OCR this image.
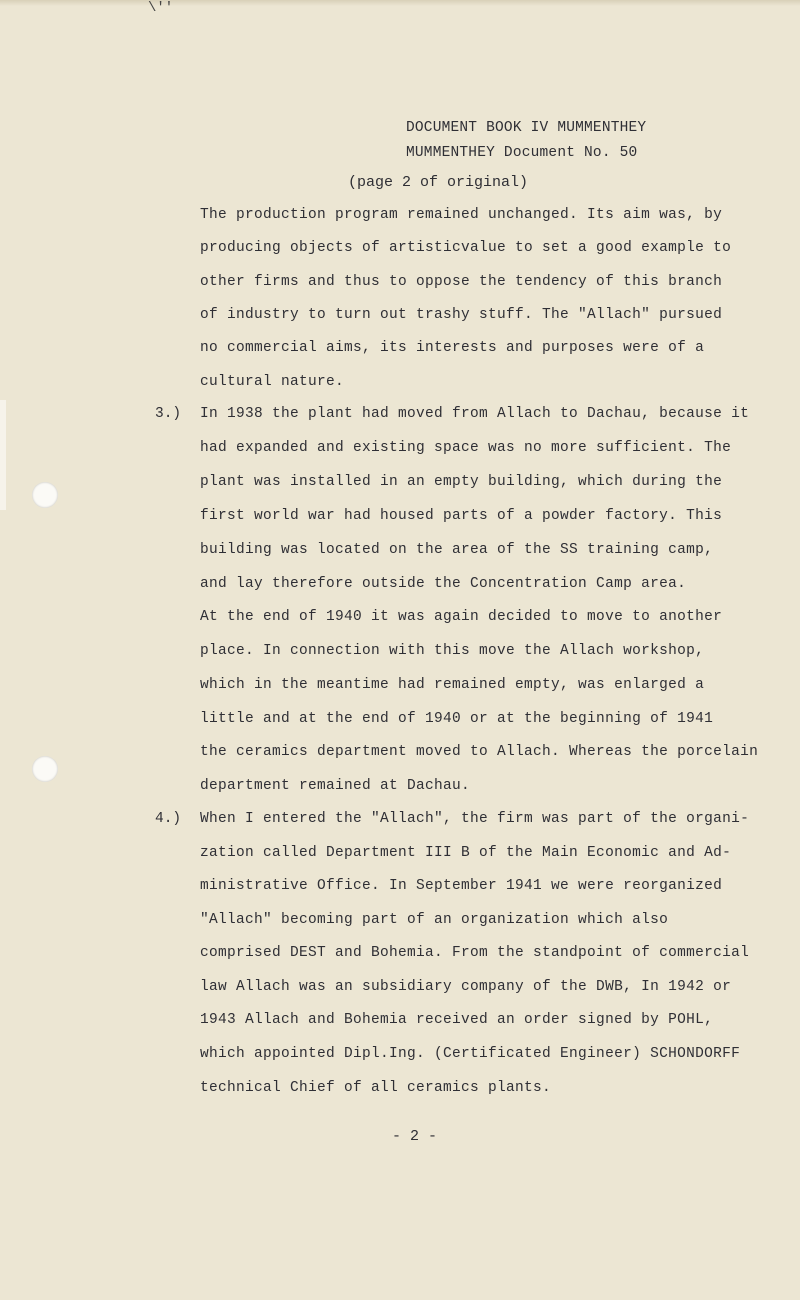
\''
DOCUMENT BOOK IV MUMMENTHEY
MUMMENTHEY Document No. 50
(page 2 of original)
The production program remained unchanged. Its aim was, by
producing objects of artisticvalue to set a good example to
other firms and thus to oppose the tendency of this branch
of industry to turn out trashy stuff. The "Allach" pursued
no commercial aims, its interests and purposes were of a
cultural nature.
3.) In 1938 the plant had moved from Allach to Dachau, because it
had expanded and existing space was no more sufficient. The
plant was installed in an empty building, which during the
first world war had housed parts of a powder factory. This
building was located on the area of the SS training camp,
and lay therefore outside the Concentration Camp area.
At the end of 1940 it was again decided to move to another
place. In connection with this move the Allach workshop,
which in the meantime had remained empty, was enlarged a
little and at the end of 1940 or at the beginning of 1941
the ceramics department moved to Allach. Whereas the porcelain
department remained at Dachau.
4.) When I entered the "Allach", the firm was part of the organi-
zation called Department III B of the Main Economic and Ad-
ministrative Office. In September 1941 we were reorganized
"Allach" becoming part of an organization which also
comprised DEST and Bohemia. From the standpoint of commercial
law Allach was an subsidiary company of the DWB, In 1942 or
1943 Allach and Bohemia received an order signed by POHL,
which appointed Dipl.Ing. (Certificated Engineer) SCHONDORFF
technical Chief of all ceramics plants.
- 2 -
